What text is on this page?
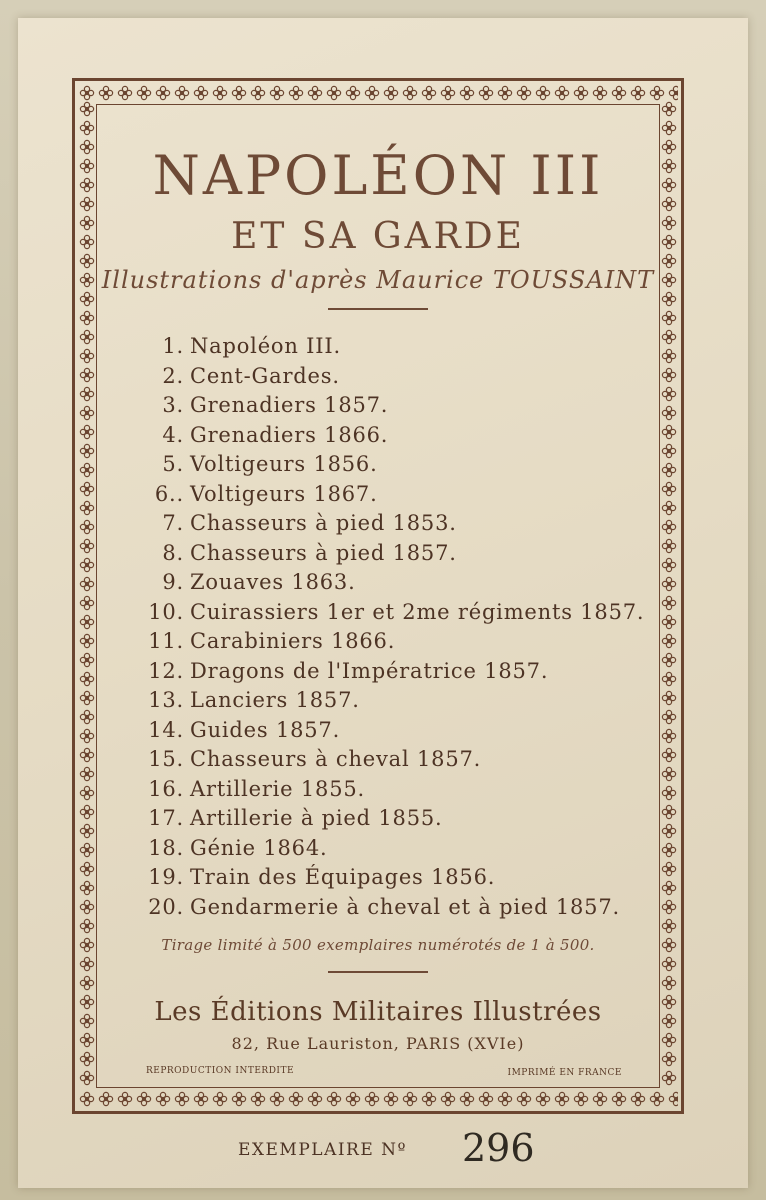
NAPOLÉON III
ET SA GARDE
Illustrations d'après Maurice TOUSSAINT
1. Napoléon III.
2. Cent-Gardes.
3. Grenadiers 1857.
4. Grenadiers 1866.
5. Voltigeurs 1856.
6.. Voltigeurs 1867.
7. Chasseurs à pied 1853.
8. Chasseurs à pied 1857.
9. Zouaves 1863.
10. Cuirassiers 1er et 2me régiments 1857.
11. Carabiniers 1866.
12. Dragons de l'Impératrice 1857.
13. Lanciers 1857.
14. Guides 1857.
15. Chasseurs à cheval 1857.
16. Artillerie 1855.
17. Artillerie à pied 1855.
18. Génie 1864.
19. Train des Équipages 1856.
20. Gendarmerie à cheval et à pied 1857.
Tirage limité à 500 exemplaires numérotés de 1 à 500.
Les Éditions Militaires Illustrées
82, Rue Lauriston, PARIS (XVIe)
REPRODUCTION INTERDITE	IMPRIMÉ EN FRANCE
EXEMPLAIRE Nº 296
